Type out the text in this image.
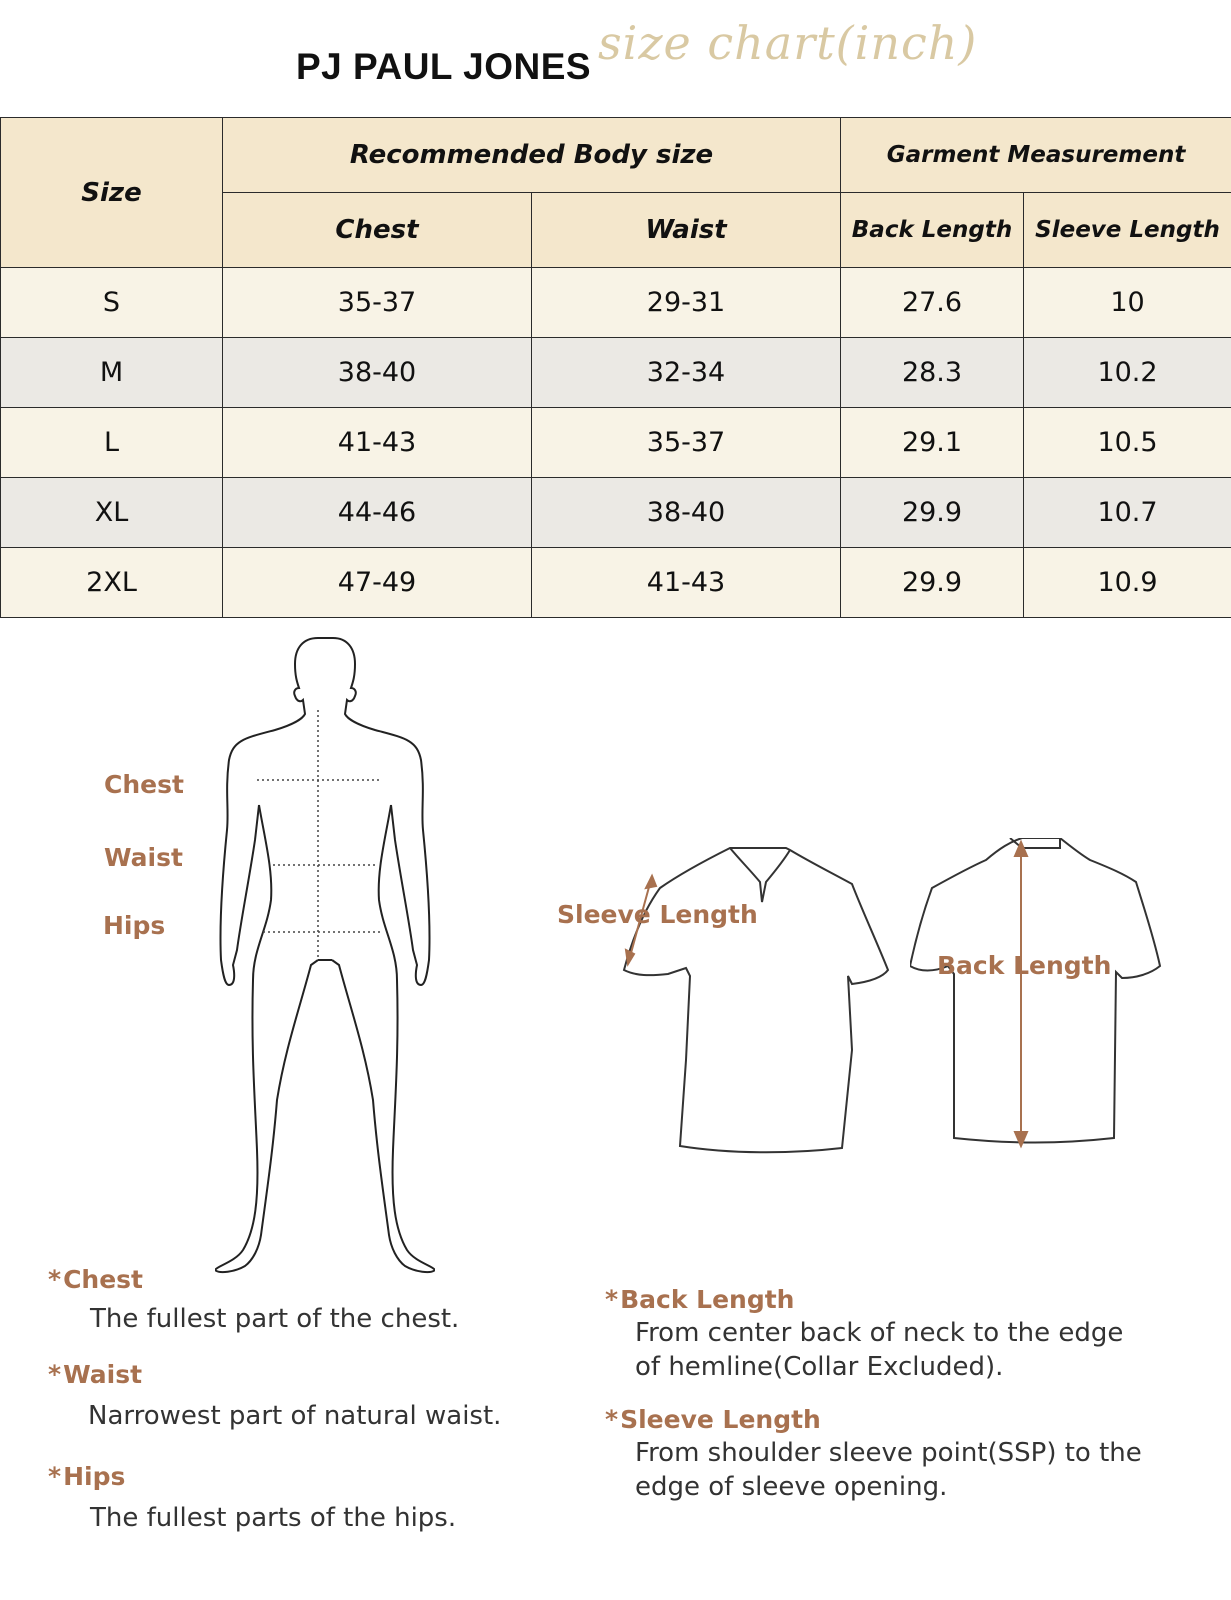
PJ PAUL JONES size chart(inch)
Size	Recommended Body size		Garment Measurement	
	Chest	Waist	Back Length	Sleeve Length
S	35-37	29-31	27.6	10
M	38-40	32-34	28.3	10.2
L	41-43	35-37	29.1	10.5
XL	44-46	38-40	29.9	10.7
2XL	47-49	41-43	29.9	10.9
Chest
Waist
Hips	Sleeve Length
Back Length
*Chest
The fullest part of the chest.
*Waist
Narrowest part of natural waist.
*Hips
The fullest parts of the hips.
*Back Length
From center back of neck to the edge
of hemline(Collar Excluded).
*Sleeve Length
From shoulder sleeve point(SSP) to the
edge of sleeve opening.
